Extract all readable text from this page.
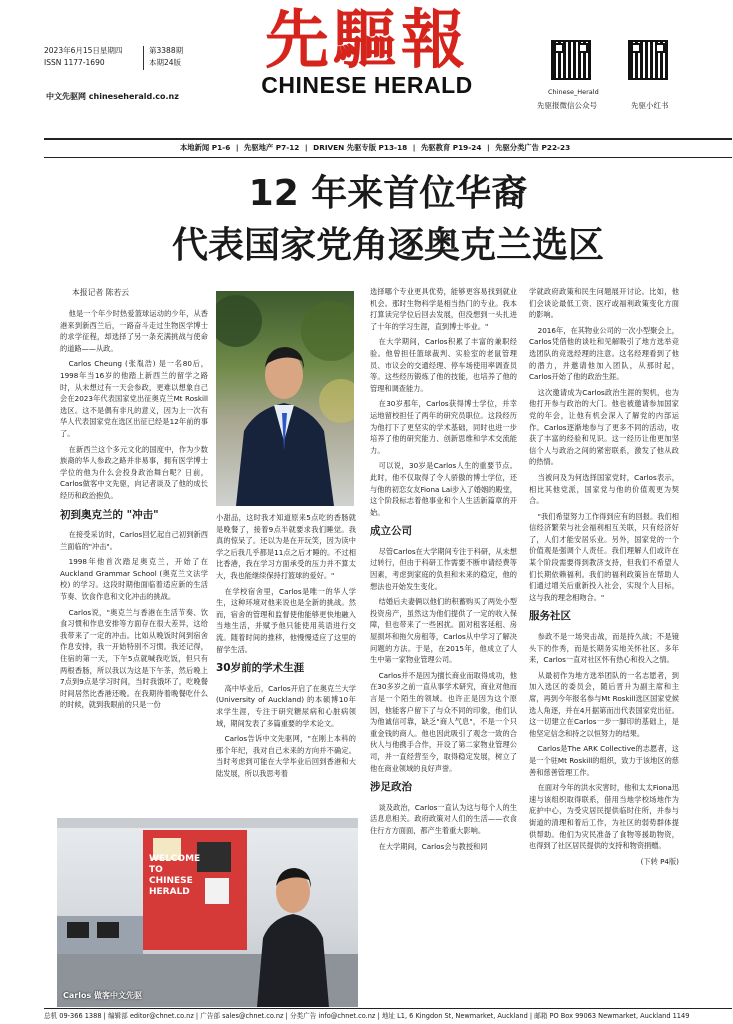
2023年6月15日星期四
ISSN 1177-1690
第3388期
本期24版
中文先驱网 chineseherald.co.nz
先驅報
CHINESE HERALD	Chinese_Herald
先驱报微信公众号	先驱小红书
本地新闻 P1-6 | 先驱地产 P7-12 | DRIVEN 先驱专版 P13-18 | 先驱教育 P19-24 | 先驱分类广告 P22-23
12 年来首位华裔
代表国家党角逐奥克兰选区
本报记者 陈若云

他是一个年少时热爱篮球运动的少年，从香港来到新西兰后，一路奋斗走过生物医学博士的求学征程，却选择了另一条充满挑战与使命的道路——从政。

Carlos Cheung (张胤浩) 是一名80后，1998年当16岁的他踏上新西兰的留学之路时，从未想过有一天会参政，更难以想象自己会在2023年代表国家党出征奥克兰Mt Roskill选区。这不是偶有非凡的意义，因为上一次有华人代表国家党在选区出征已经是12年前的事了。

在新西兰这个多元文化的国度中，作为少数族裔的华人参政之路并非易事，拥有医学博士学位的他为什么会投身政治舞台呢？日前，Carlos做客中文先驱，向记者谈及了他的成长经历和政治抱负。

初到奥克兰的 "冲击"

在接受采访时，Carlos回忆起自己初到新西兰面临的"冲击"。

1998年他首次踏足奥克兰，开始了在Auckland Grammar School (奥克兰文法学校) 的学习。这段时期他面临着适应新的生活节奏、饮食作息和文化冲击的挑战。

Carlos说，"奥克兰与香港在生活节奏、饮食习惯和作息安排等方面存在很大差异，这给我带来了一定的冲击。比如从晚饭时间到宿舍作息安排，我一开始特别不习惯。我还记得，住宿的第一天，下午5点就喊我吃饭，但只有两根香肠，所以我以为这是下午茶，然后晚上7点到9点是学习时间，当时我饿坏了，吃晚餐时间居然比香港还晚。在我期待着晚餐吃什么的时候，就到我眼前的只是一份

小甜品，这时我才知道原来5点吃的香肠就是晚餐了，接着9点半就要求我们睡觉。我真的惊呆了。还以为是在开玩笑，因为读中学之后我几乎都是11点之后才睡的。不过相比香港，我在学习方面承受的压力并不算太大，我也能继续保持打篮球的爱好。"

在学校宿舍里，Carlos是唯一的华人学生，这种环境对他来说也是全新的挑战。然而，宿舍的管理和监督使他能够更快地融入当地生活，并赋予他只能使用英语进行交流。随着时间的推移，他慢慢适应了这里的留学生活。

30岁前的学术生涯

高中毕业后，Carlos开启了在奥克兰大学 (University of Auckland) 的本硕博10年求学生涯，专注于研究糖尿病和心脏病领域，期间发表了多篇重要的学术论文。

Carlos告诉中文先驱网，"在刚上本科的那个年纪，我对自己未来的方向并不确定。当时考虑到可能在大学毕业后回到香港和大陆发展，所以我思考着

WELCOME TO CHINESE HERALD
Carlos 做客中文先驱

选择哪个专业更具优势，能够更容易找到就业机会。那时生物科学是相当热门的专业。我本打算读完学位后回去发展，但没想到一头扎进了十年的学习生涯，直到博士毕业。"

在大学期间，Carlos积累了丰富的兼职经验。他曾担任篮球裁判、实验室的老鼠管理员、市议会的交通经理、停车场使用率调查员等。这些经历锻炼了他的技能，也培养了他的管理和调查能力。

在30岁那年，Carlos获得博士学位，并幸运地留校担任了两年的研究员职位。这段经历为他打下了更坚实的学术基础，同时也进一步培养了他的研究能力、创新思维和学术交流能力。

可以说，30岁是Carlos人生的重要节点。此时，他不仅取得了令人骄傲的博士学位，还与他的初恋女友Fiona Lai步入了婚姻的殿堂，这个阶段标志着他事业和个人生活新篇章的开始。

成立公司

尽管Carlos在大学期间专注于科研，从未想过转行，但由于科研工作需要不断申请经费等因素，考虑到家庭的负担和未来的稳定，他的想法也开始发生变化。

结婚后夫妻俩以他们的积蓄购买了两处小型投资房产，虽然这为他们提供了一定的收入保障，但也带来了一些困扰。面对租客延租、房屋损坏和拖欠房租等，Carlos从中学习了解决问题的方法。于是，在2015年，他成立了人生中第一家物业管理公司。

Carlos并不是因为擅长商业而取得成功，他在30多岁之前一直从事学术研究，商业对他而言是一个陌生的领域。也许正是因为这个原因，他能客户留下了与众不同的印象，他们认为他诚信可靠，缺乏"商人气息"，不是一个只重金钱的商人。他也因此吸引了观念一致的合伙人与他携手合作，开设了第二家物业管理公司，并一直经营至今，取得稳定发展，树立了他在商业领域的良好声誉。

涉足政治

谈及政治，Carlos一直认为这与每个人的生活息息相关。政府政策对人们的生活——衣食住行方方面面，都产生着重大影响。

在大学期间，Carlos会与教授和同

学就政府政策和民生问题展开讨论。比如，他们会谈论最低工资、医疗或福利政策变化方面的影响。

2016年，在其物业公司的一次小型聚会上，Carlos凭借他的谈吐和见解吸引了地方选举竞选团队的竞选经理的注意。这名经理看到了他的潜力，并邀请他加入团队，从那时起，Carlos开始了他的政治生涯。

这次邀请成为Carlos政治生涯的契机，也为他打开参与政治的大门。他也被邀请参加国家党的年会，让他有机会深入了解党的内部运作。Carlos逐渐地参与了更多不同的活动，收获了丰富的经验和见识。这一经历让他更加坚信个人与政治之间的紧密联系，激发了他从政的热情。

当被问及为何选择国家党时，Carlos表示，相比其他党派，国家党与他的价值观更为契合。

"我们希望努力工作得到应有的回报。我们相信经济繁荣与社会福利相互关联，只有经济好了，人们才能安居乐业。另外，国家党的一个价值观是强调个人责任。我们理解人们或许在某个阶段需要得到教济支持，但我们不希望人们长期依赖福利。我们的福利政策旨在帮助人们通过增关后重新投入社会，实现个人目标，这与我的理念相吻合。"

服务社区

参政不是一场突击战，而是持久战；不是镜头下的作秀，而是长期务实地关怀社区。多年来，Carlos一直对社区怀有热心和投入之情。

从最初作为地方选举团队的一名志愿者，到加入选区的委员会，随后晋升为副主席和主席，再到今年报名参与Mt Roskill选区国家党候选人角逐，并在4月据第而出代表国家党出征。这一切建立在Carlos一步一脚印的基础上，是他坚定信念和持之以恒努力的结果。

Carlos是The ARK Collective的志愿者，这是一个驻Mt Roskill的组织，致力于该地区的慈善和慈善管理工作。

在面对今年的洪水灾害时，他和太太Fiona迅速与该组织取得联系，借用当地学校场地作为庇护中心，为受灾居民提供临时住所，并参与街道的清理和着后工作，为社区的弱势群体提供帮助。他们为灾民准备了食物等援助物资，也得到了社区居民提供的支持和物资捐赠。

(下转 P4版)
总机 09-366 1388 | 编辑部 editor@chnet.co.nz | 广告部 sales@chnet.co.nz | 分类广告 info@chnet.co.nz | 地址 L1, 6 Kingdon St, Newmarket, Auckland | 邮箱 PO Box 99063 Newmarket, Auckland 1149
